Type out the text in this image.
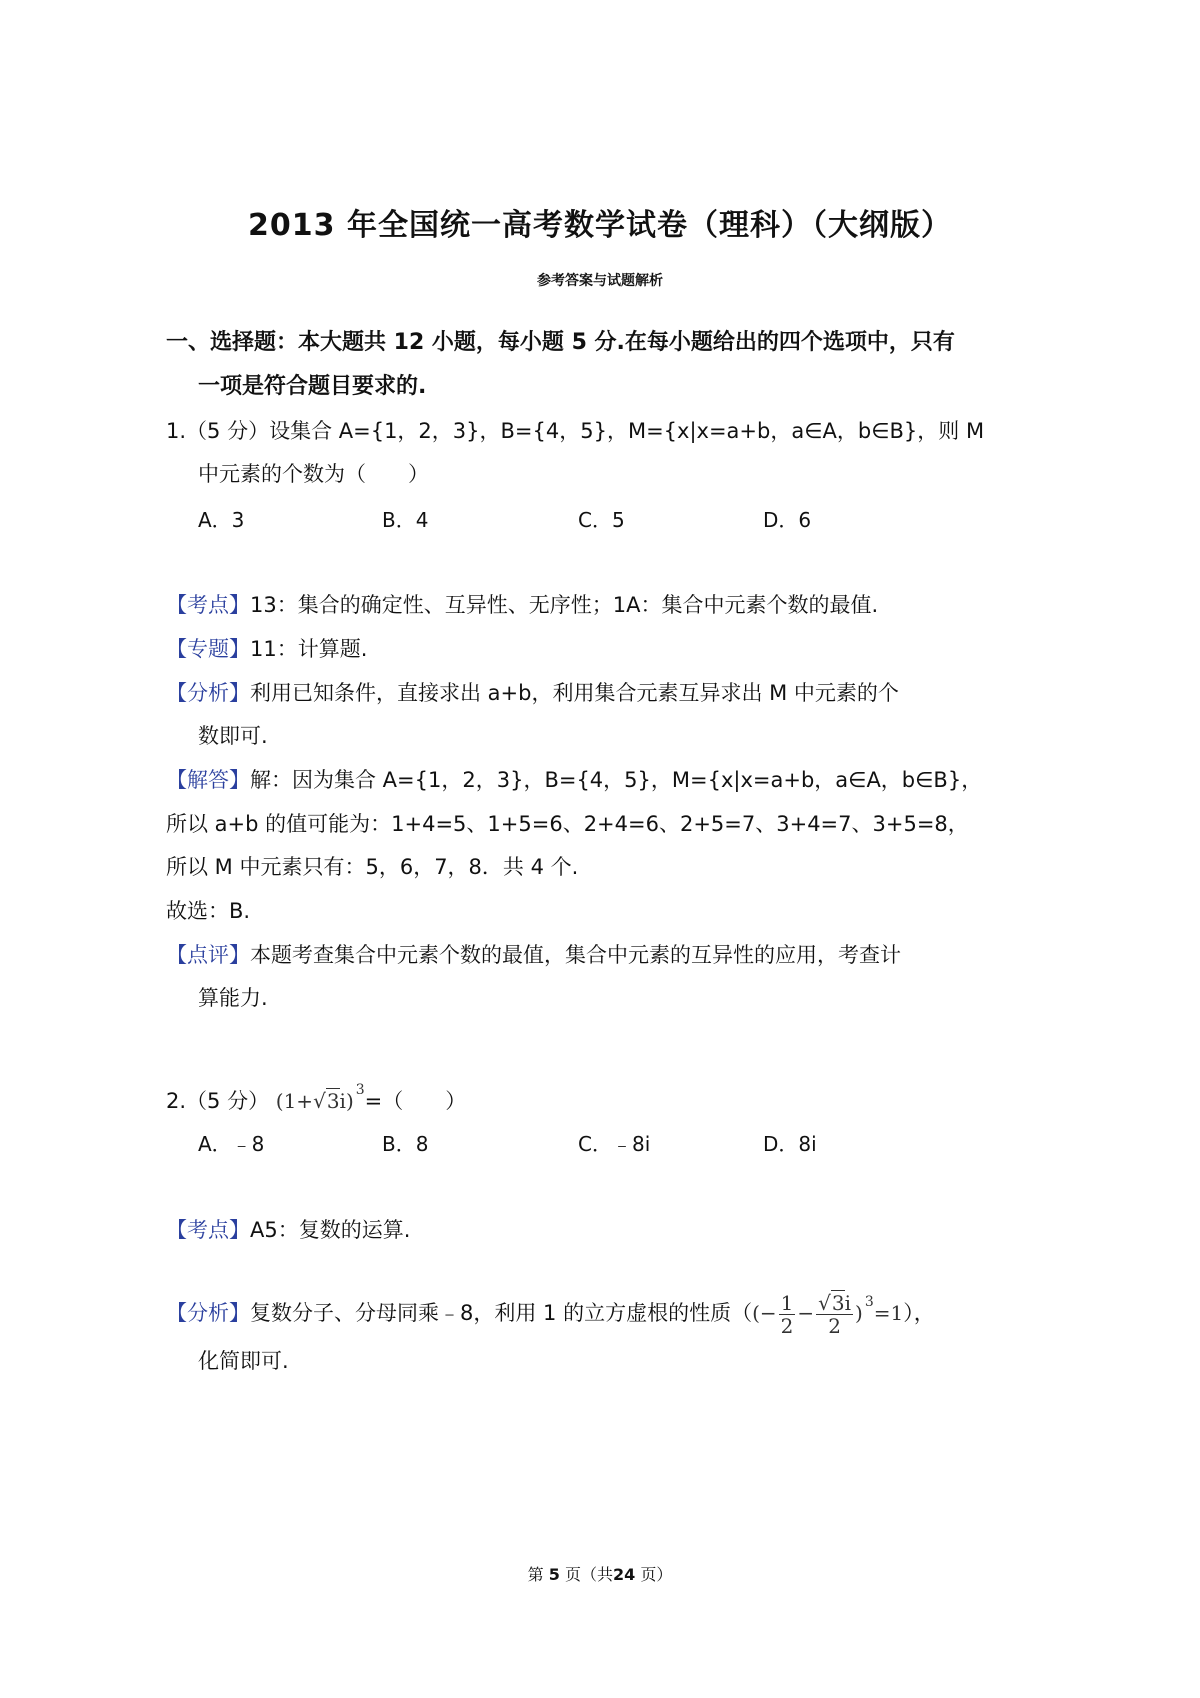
2013 年全国统一高考数学试卷（理科）（大纲版）
参考答案与试题解析
一、选择题：本大题共 12 小题，每小题 5 分.在每小题给出的四个选项中，只有
一项是符合题目要求的.
1.（5 分）设集合 A={1，2，3}，B={4，5}，M={x|x=a+b，a∈A，b∈B}，则 M
中元素的个数为（　　）
A．3	B．4	C．5	D．6
【考点】13：集合的确定性、互异性、无序性；1A：集合中元素个数的最值.
【专题】11：计算题.
【分析】利用已知条件，直接求出 a+b，利用集合元素互异求出 M 中元素的个
数即可.
【解答】解：因为集合 A={1，2，3}，B={4，5}，M={x|x=a+b，a∈A，b∈B}，
所以 a+b 的值可能为：1+4=5、1+5=6、2+4=6、2+5=7、3+4=7、3+5=8，
所以 M 中元素只有：5，6，7，8．共 4 个.
故选：B.
【点评】本题考查集合中元素个数的最值，集合中元素的互异性的应用，考查计
算能力.
2.（5 分） (1+√3i) $^3$=（　　）
A．﹣8	B．8	C．﹣8i	D．8i
【考点】A5：复数的运算.
【分析】复数分子、分母同乘﹣8，利用 1 的立方虚根的性质（(− $\frac{1}{2} - \frac{√3i}{2}$ ) $^3$=1），
化简即可.
第 5 页（共24 页）
